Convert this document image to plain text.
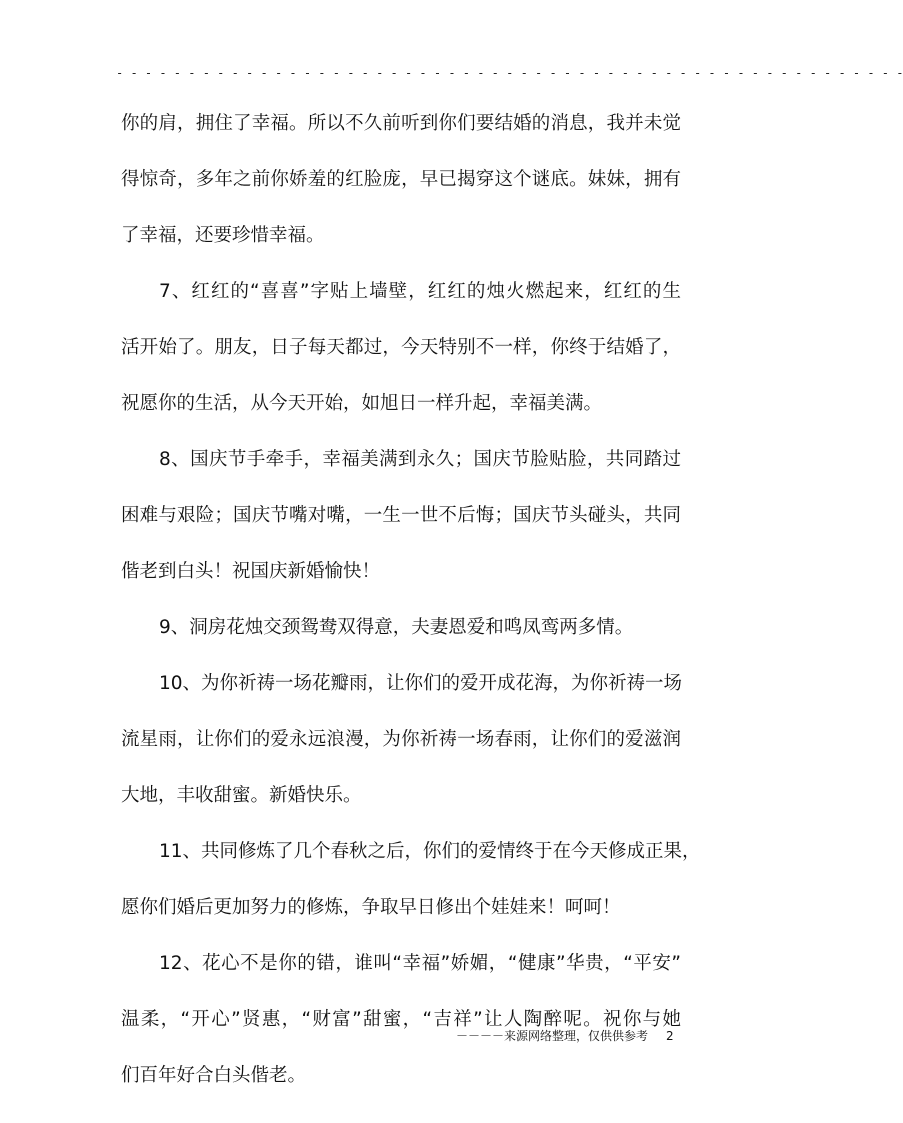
- - - - - - - - - - - - - - - - - - - - - - - - - - - - - - - - - - - - - - - - - - - - - - - - - - - - - - -
你的肩，拥住了幸福。所以不久前听到你们要结婚的消息，我并未觉
得惊奇，多年之前你娇羞的红脸庞，早已揭穿这个谜底。妹妹，拥有
了幸福，还要珍惜幸福。
7、红红的“喜喜”字贴上墙壁，红红的烛火燃起来，红红的生
活开始了。朋友，日子每天都过，今天特别不一样，你终于结婚了，
祝愿你的生活，从今天开始，如旭日一样升起，幸福美满。
8、国庆节手牵手，幸福美满到永久；国庆节脸贴脸，共同踏过
困难与艰险；国庆节嘴对嘴，一生一世不后悔；国庆节头碰头，共同
偕老到白头！祝国庆新婚愉快！
9、洞房花烛交颈鸳鸯双得意，夫妻恩爱和鸣凤鸾两多情。
10、为你祈祷一场花瓣雨，让你们的爱开成花海，为你祈祷一场
流星雨，让你们的爱永远浪漫，为你祈祷一场春雨，让你们的爱滋润
大地，丰收甜蜜。新婚快乐。
11、共同修炼了几个春秋之后，你们的爱情终于在今天修成正果，
愿你们婚后更加努力的修炼，争取早日修出个娃娃来！呵呵！
12、花心不是你的错，谁叫“幸福”娇媚，“健康”华贵，“平安”
温柔，“开心”贤惠，“财富”甜蜜，“吉祥”让人陶醉呢。祝你与她
们百年好合白头偕老。
－－－－来源网络整理，仅供供参考 2
